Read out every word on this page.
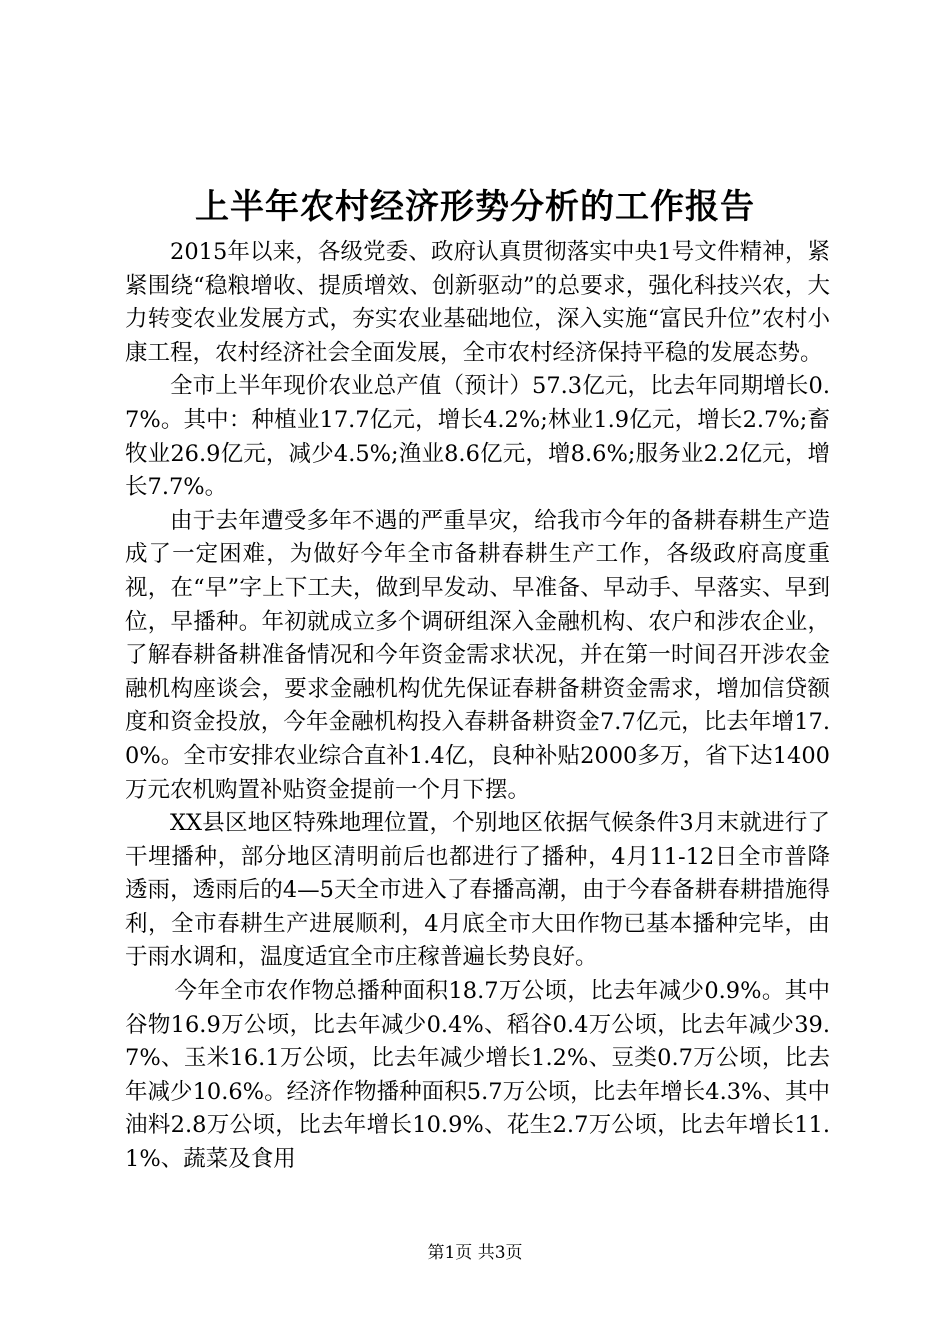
上半年农村经济形势分析的工作报告

2015年以来，各级党委、政府认真贯彻落实中央1号文件精神，紧紧围绕“稳粮增收、提质增效、创新驱动”的总要求，强化科技兴农，大力转变农业发展方式，夯实农业基础地位，深入实施“富民升位”农村小康工程，农村经济社会全面发展，全市农村经济保持平稳的发展态势。

全市上半年现价农业总产值（预计）57.3亿元，比去年同期增长0.7%。其中：种植业17.7亿元，增长4.2%;林业1.9亿元，增长2.7%;畜牧业26.9亿元，减少4.5%;渔业8.6亿元，增8.6%;服务业2.2亿元，增长7.7%。

由于去年遭受多年不遇的严重旱灾，给我市今年的备耕春耕生产造成了一定困难，为做好今年全市备耕春耕生产工作，各级政府高度重视，在“早”字上下工夫，做到早发动、早准备、早动手、早落实、早到位，早播种。年初就成立多个调研组深入金融机构、农户和涉农企业，了解春耕备耕准备情况和今年资金需求状况，并在第一时间召开涉农金融机构座谈会，要求金融机构优先保证春耕备耕资金需求，增加信贷额度和资金投放，今年金融机构投入春耕备耕资金7.7亿元，比去年增17.0%。全市安排农业综合直补1.4亿，良种补贴2000多万，省下达1400万元农机购置补贴资金提前一个月下摆。

XX县区地区特殊地理位置，个别地区依据气候条件3月末就进行了干埋播种，部分地区清明前后也都进行了播种，4月11-12日全市普降透雨，透雨后的4—5天全市进入了春播高潮，由于今春备耕春耕措施得利，全市春耕生产进展顺利，4月底全市大田作物已基本播种完毕，由于雨水调和，温度适宜全市庄稼普遍长势良好。

今年全市农作物总播种面积18.7万公顷，比去年减少0.9%。其中谷物16.9万公顷，比去年减少0.4%、稻谷0.4万公顷，比去年减少39.7%、玉米16.1万公顷，比去年减少增长1.2%、豆类0.7万公顷，比去年减少10.6%。经济作物播种面积5.7万公顷，比去年增长4.3%、其中油料2.8万公顷，比去年增长10.9%、花生2.7万公顷，比去年增长11.1%、蔬菜及食用

第1页 共3页
